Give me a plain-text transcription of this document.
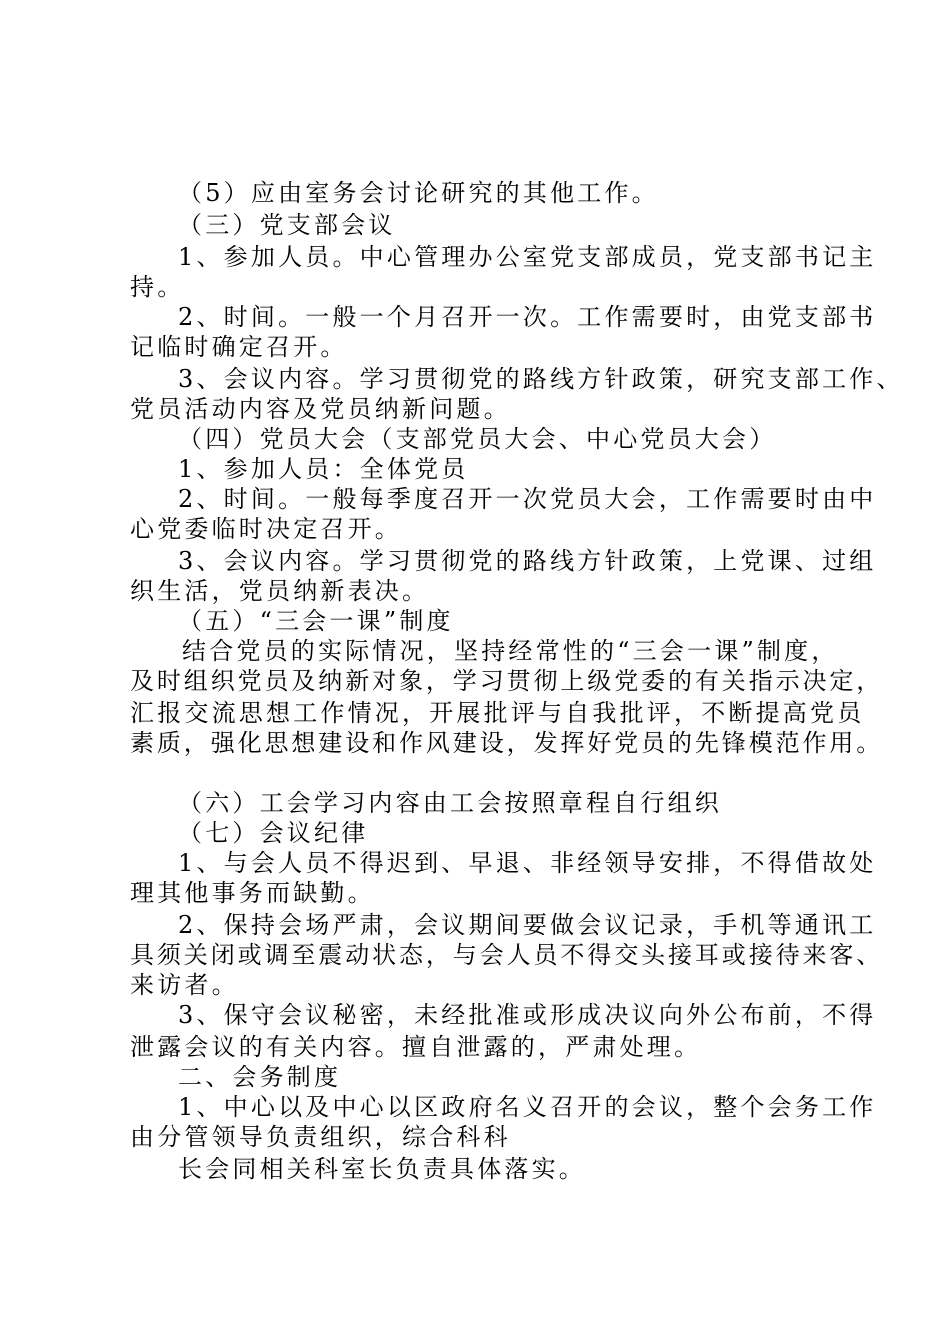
（5）应由室务会讨论研究的其他工作。
（三）党支部会议
1、参加人员。中心管理办公室党支部成员，党支部书记主
持。
2、时间。一般一个月召开一次。工作需要时，由党支部书
记临时确定召开。
3、会议内容。学习贯彻党的路线方针政策，研究支部工作、
党员活动内容及党员纳新问题。
（四）党员大会（支部党员大会、中心党员大会）
1、参加人员：全体党员
2、时间。一般每季度召开一次党员大会，工作需要时由中
心党委临时决定召开。
3、会议内容。学习贯彻党的路线方针政策，上党课、过组
织生活，党员纳新表决。
（五）“三会一课”制度
结合党员的实际情况，坚持经常性的“三会一课”制度，
及时组织党员及纳新对象，学习贯彻上级党委的有关指示决定，
汇报交流思想工作情况，开展批评与自我批评，不断提高党员
素质，强化思想建设和作风建设，发挥好党员的先锋模范作用。
（六）工会学习内容由工会按照章程自行组织
（七）会议纪律
1、与会人员不得迟到、早退、非经领导安排，不得借故处
理其他事务而缺勤。
2、保持会场严肃，会议期间要做会议记录，手机等通讯工
具须关闭或调至震动状态，与会人员不得交头接耳或接待来客、
来访者。
3、保守会议秘密，未经批准或形成决议向外公布前，不得
泄露会议的有关内容。擅自泄露的，严肃处理。
二、会务制度
1、中心以及中心以区政府名义召开的会议，整个会务工作
由分管领导负责组织，综合科科
长会同相关科室长负责具体落实。
